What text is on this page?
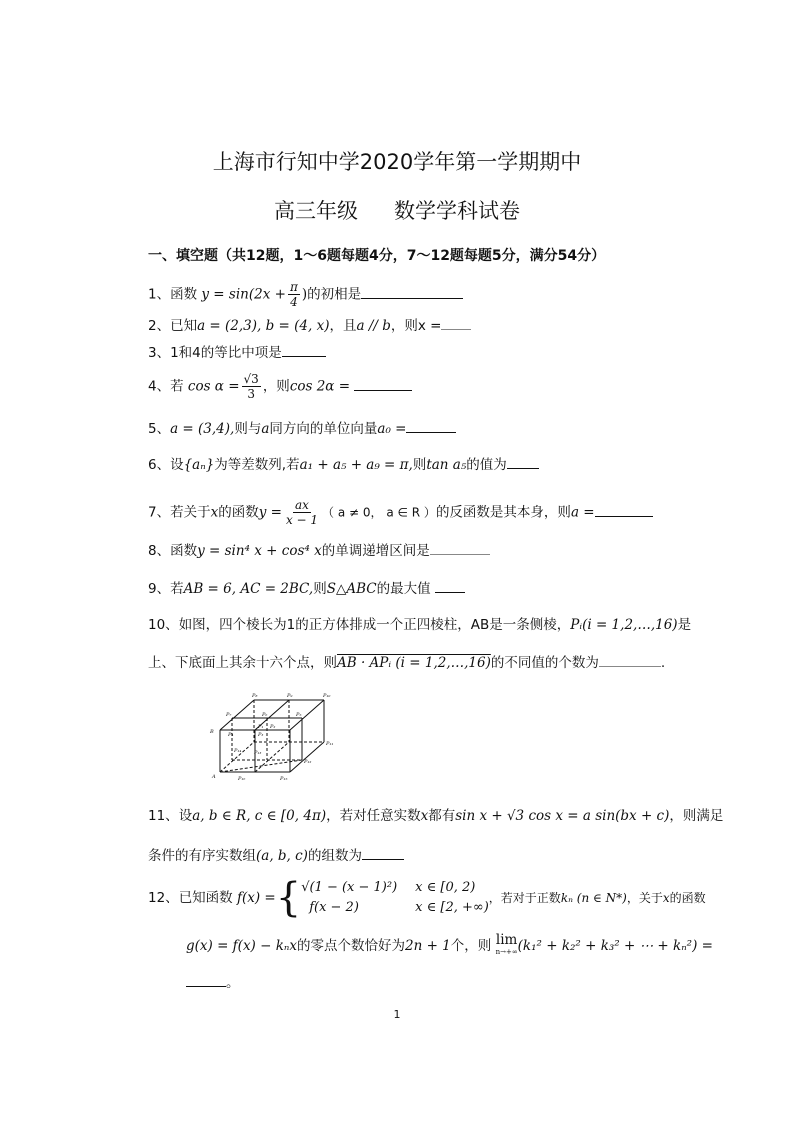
上海市行知中学2020学年第一学期期中
高三年级 数学学科试卷
一、填空题（共12题，1～6题每题4分，7～12题每题5分，满分54分）
1、函数 $y = \sin(2x + \frac{\pi}{4}$ )的初相是
2、已知a = (2,3), b = (4, x)，且a // b，则x =
3、1和4的等比中项是
4、若 $\cos \alpha = \frac{√3}{3}$ ，则cos 2α =
5、a = (3,4),则与a同方向的单位向量a₀ =
6、设{aₙ}为等差数列,若a₁ + a₅ + a₉ = π,则tan a₅的值为
7、若关于x的函数$y = \frac{ax}{x - 1}$ （ a ≠ 0， a ∈ R ）的反函数是其本身，则a =
8、函数y = sin⁴ x + cos⁴ x的单调递增区间是
9、若AB = 6, AC = 2BC,则S△ABC的最大值
10、如图，四个棱长为1的正方体排成一个正四棱柱，AB是一条侧棱，Pᵢ(i = 1,2,…,16)是
上、下底面上其余十六个点，则AB · APᵢ (i = 1,2,…,16)的不同值的个数为	.
P₈	P₉	P₁₀
P₁₁
P₁₂
P₇	P₆	P₅
P₄	P₃
P₂
P₁
P₁₃
P₁₄
P₁₅
P₁₆
A
B
11、设a, b ∈ R, c ∈ [0, 4π)，若对任意实数x都有sin x + √3 cos x = a sin(bx + c)，则满足
条件的有序实数组(a, b, c)的组数为
12、已知函数 f(x) ={ √(1 − (x − 1)²)
f(x − 2)
x ∈ [0, 2)
x ∈ [2, +∞)
，若对于正数kₙ (n ∈ N*)，关于x的函数
g(x) = f(x) − kₙx的零点个数恰好为2n + 1个，则 lim
n→+∞ (k₁² + k₂² + k₃² + ⋯ + kₙ²) =
。
1
